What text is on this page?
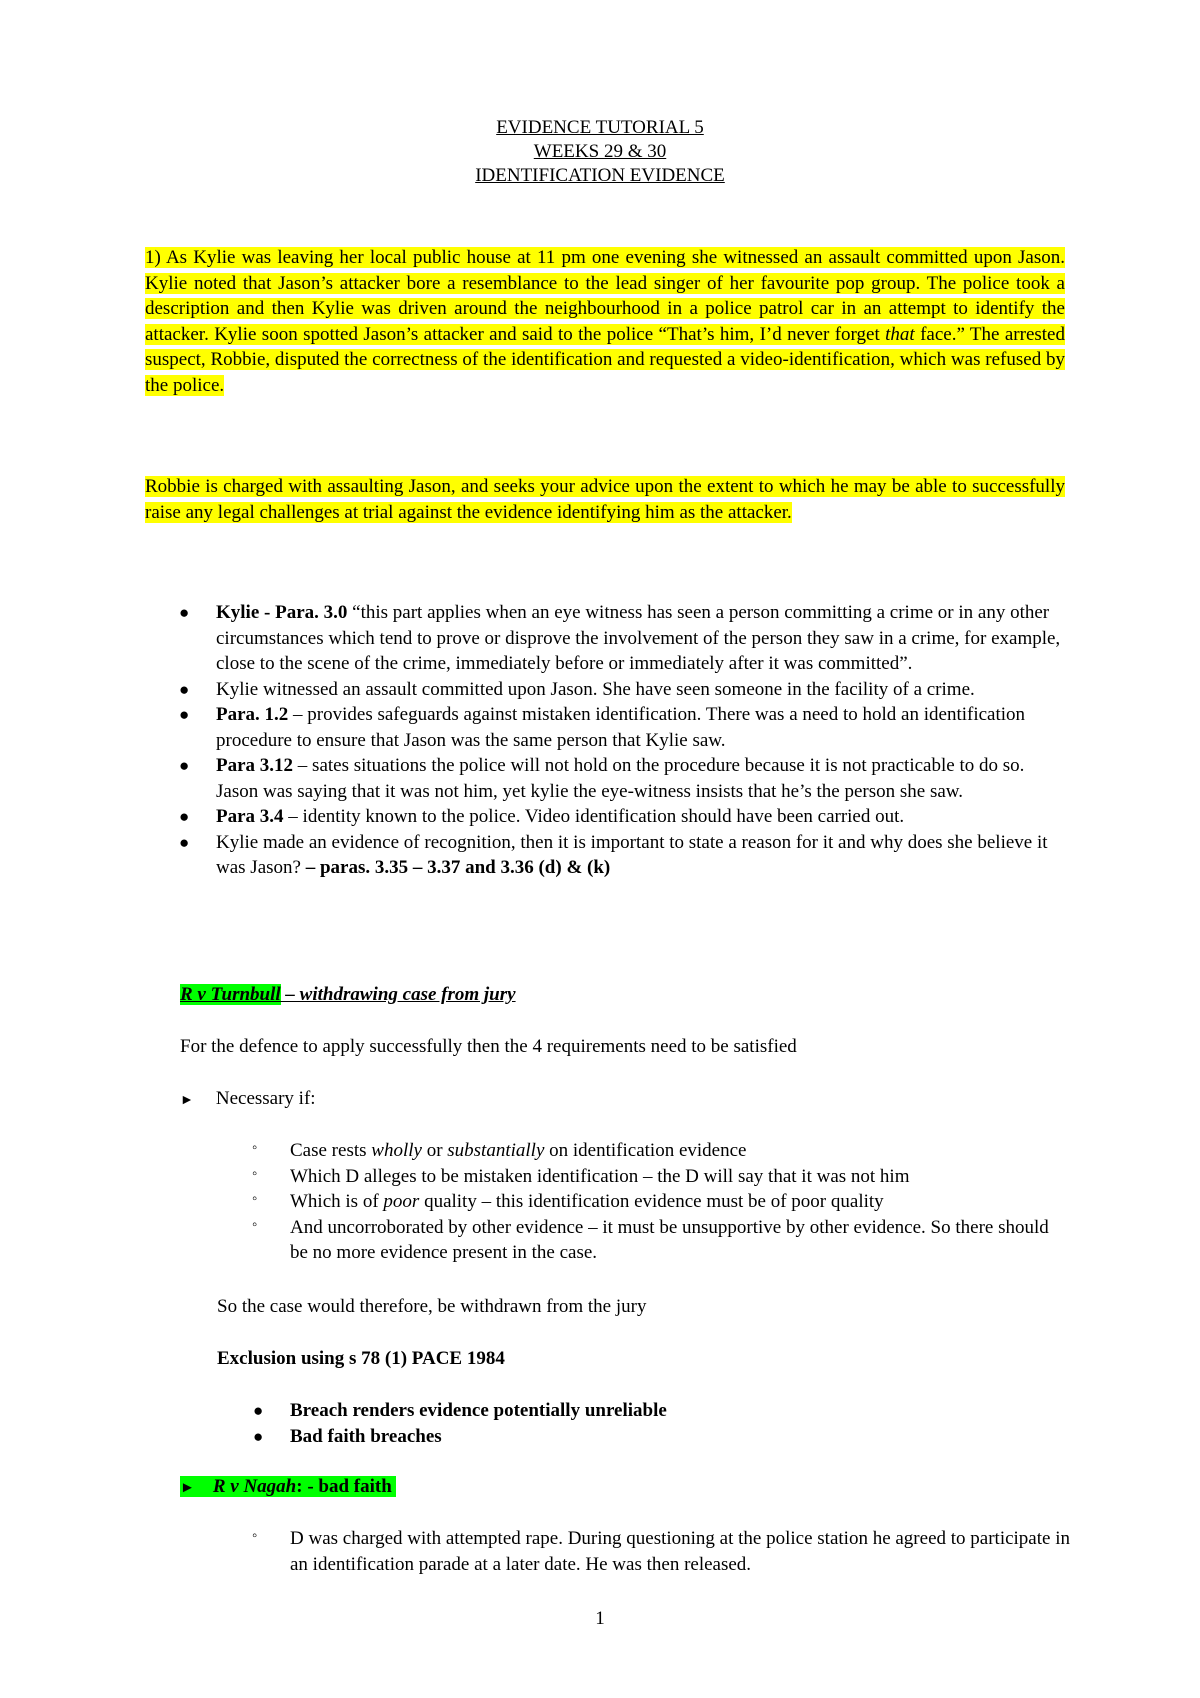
EVIDENCE TUTORIAL 5
WEEKS 29 & 30
IDENTIFICATION EVIDENCE
1) As Kylie was leaving her local public house at 11 pm one evening she witnessed an assault committed upon Jason. Kylie noted that Jason’s attacker bore a resemblance to the lead singer of her favourite pop group. The police took a description and then Kylie was driven around the neighbourhood in a police patrol car in an attempt to identify the attacker. Kylie soon spotted Jason’s attacker and said to the police “That’s him, I’d never forget that face.” The arrested suspect, Robbie, disputed the correctness of the identification and requested a video-identification, which was refused by the police.
Robbie is charged with assaulting Jason, and seeks your advice upon the extent to which he may be able to successfully raise any legal challenges at trial against the evidence identifying him as the attacker.
● Kylie - Para. 3.0 “this part applies when an eye witness has seen a person committing a crime or in any other circumstances which tend to prove or disprove the involvement of the person they saw in a crime, for example, close to the scene of the crime, immediately before or immediately after it was committed”.
● Kylie witnessed an assault committed upon Jason. She have seen someone in the facility of a crime.
● Para. 1.2 – provides safeguards against mistaken identification. There was a need to hold an identification procedure to ensure that Jason was the same person that Kylie saw.
● Para 3.12 – sates situations the police will not hold on the procedure because it is not practicable to do so. Jason was saying that it was not him, yet kylie the eye-witness insists that he’s the person she saw.
● Para 3.4 – identity known to the police. Video identification should have been carried out.
● Kylie made an evidence of recognition, then it is important to state a reason for it and why does she believe it was Jason? – paras. 3.35 – 3.37 and 3.36 (d) & (k)
R v Turnbull – withdrawing case from jury
For the defence to apply successfully then the 4 requirements need to be satisfied
► Necessary if:
◦ Case rests wholly or substantially on identification evidence
◦ Which D alleges to be mistaken identification – the D will say that it was not him
◦ Which is of poor quality – this identification evidence must be of poor quality
◦ And uncorroborated by other evidence – it must be unsupportive by other evidence. So there should be no more evidence present in the case.
So the case would therefore, be withdrawn from the jury
Exclusion using s 78 (1) PACE 1984
● Breach renders evidence potentially unreliable
● Bad faith breaches
► R v Nagah: - bad faith
◦ D was charged with attempted rape. During questioning at the police station he agreed to participate in an identification parade at a later date. He was then released.
1
